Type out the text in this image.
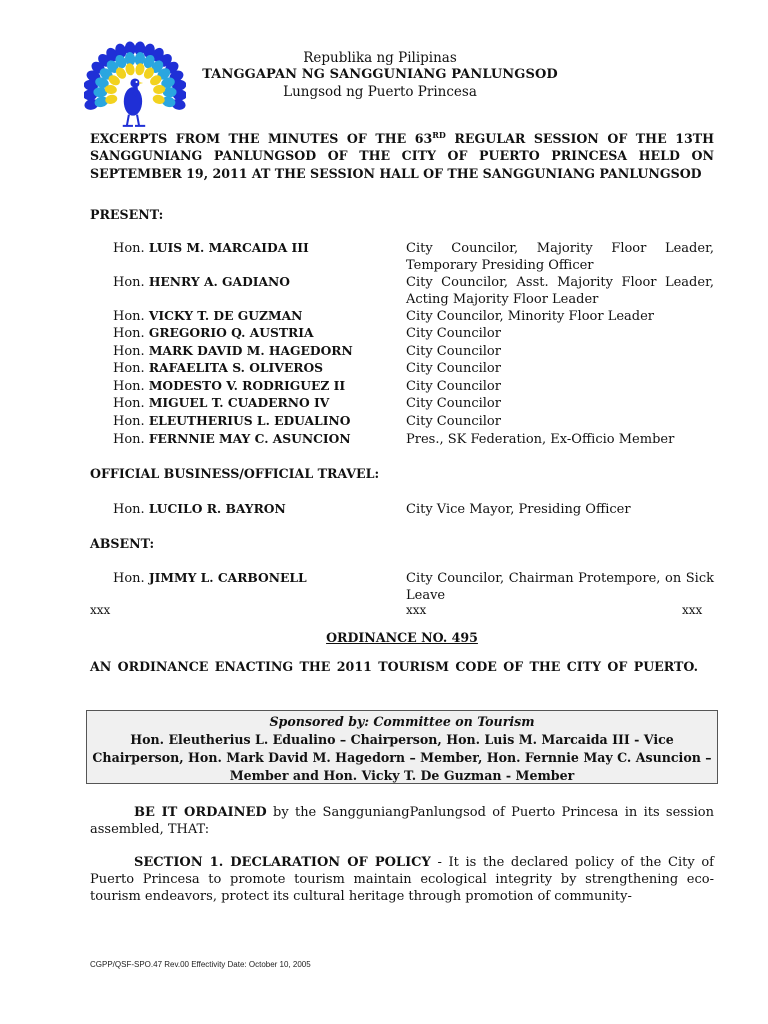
Republika ng Pilipinas
TANGGAPAN NG SANGGUNIANG PANLUNGSOD
Lungsod ng Puerto Princesa
EXCERPTS FROM THE MINUTES OF THE 63RD REGULAR SESSION OF THE 13TH SANGGUNIANG PANLUNGSOD OF THE CITY OF PUERTO PRINCESA HELD ON SEPTEMBER 19, 2011 AT THE SESSION HALL OF THE SANGGUNIANG PANLUNGSOD
PRESENT:
Hon. LUIS M. MARCAIDA III	City Councilor, Majority Floor Leader, Temporary Presiding Officer
Hon. HENRY A. GADIANO	City Councilor, Asst. Majority Floor Leader, Acting Majority Floor Leader
Hon. VICKY T. DE GUZMAN	City Councilor, Minority Floor Leader
Hon. GREGORIO Q. AUSTRIA	City Councilor
Hon. MARK DAVID M. HAGEDORN	City Councilor
Hon. RAFAELITA S. OLIVEROS	City Councilor
Hon. MODESTO V. RODRIGUEZ II	City Councilor
Hon. MIGUEL T. CUADERNO IV	City Councilor
Hon. ELEUTHERIUS L. EDUALINO	City Councilor
Hon. FERNNIE MAY C. ASUNCION	Pres., SK Federation, Ex-Officio Member
OFFICIAL BUSINESS/OFFICIAL TRAVEL:
Hon. LUCILO R. BAYRON	City Vice Mayor, Presiding Officer
ABSENT:
Hon. JIMMY L. CARBONELL	City Councilor, Chairman Protempore, on Sick Leave
xxx	xxx	xxx
ORDINANCE NO. 495
AN ORDINANCE ENACTING THE 2011 TOURISM CODE OF THE CITY OF PUERTO.
Sponsored by: Committee on Tourism
Hon. Eleutherius L. Edualino – Chairperson, Hon. Luis M. Marcaida III - Vice Chairperson, Hon. Mark David M. Hagedorn – Member, Hon. Fernnie May C. Asuncion – Member and Hon. Vicky T. De Guzman - Member
BE IT ORDAINED by the SangguniangPanlungsod of Puerto Princesa in its session assembled, THAT:
SECTION 1. DECLARATION OF POLICY - It is the declared policy of the City of Puerto Princesa to promote tourism maintain ecological integrity by strengthening eco-tourism endeavors, protect its cultural heritage through promotion of community-
CGPP/QSF-SPO.47 Rev.00 Effectivity Date: October 10, 2005
